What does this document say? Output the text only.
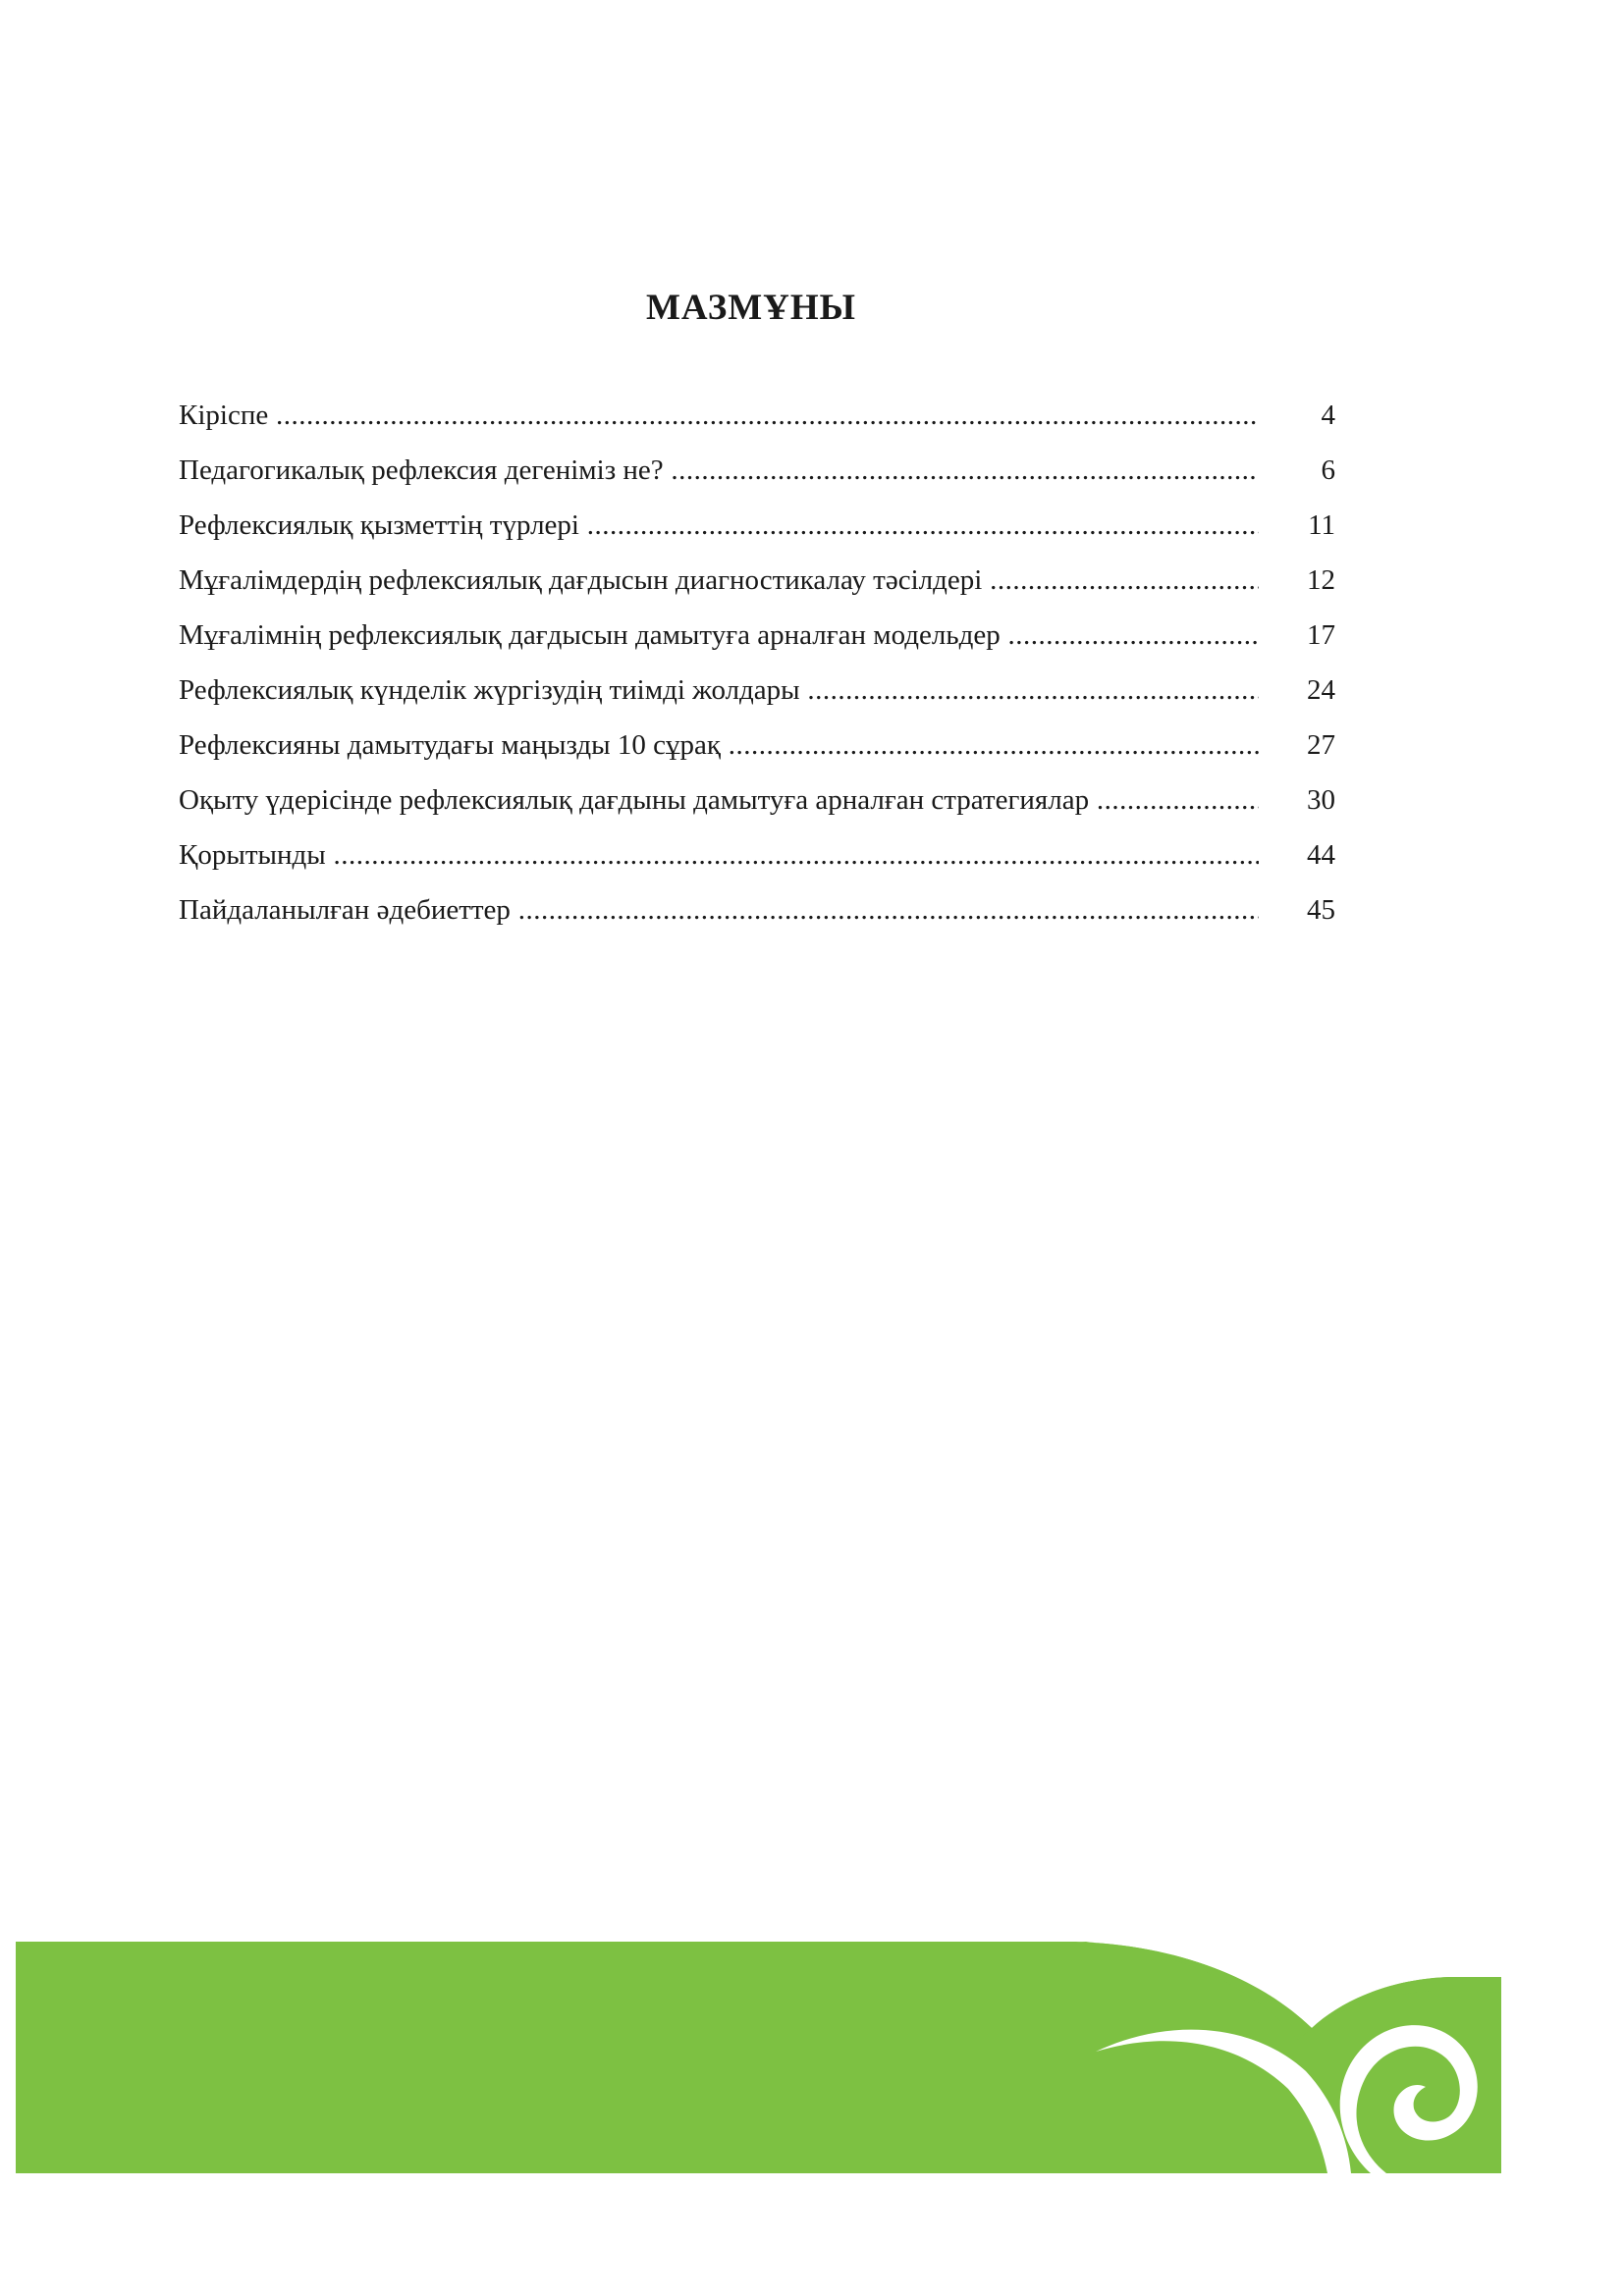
МАЗМҰНЫ
Кіріспе .....	4
Педагогикалық рефлексия дегеніміз не? .....	6
Рефлексиялық қызметтің түрлері .....	11
Мұғалімдердің рефлексиялық дағдысын диагностикалау тәсілдері .....	12
Мұғалімнің рефлексиялық дағдысын дамытуға арналған модельдер .....	17
Рефлексиялық күнделік жүргізудің тиімді жолдары .....	24
Рефлексияны дамытудағы маңызды 10 сұрақ .....	27
Оқыту үдерісінде рефлексиялық дағдыны дамытуға арналған стратегиялар .....	30
Қорытынды .....	44
Пайдаланылған әдебиеттер .....	45
